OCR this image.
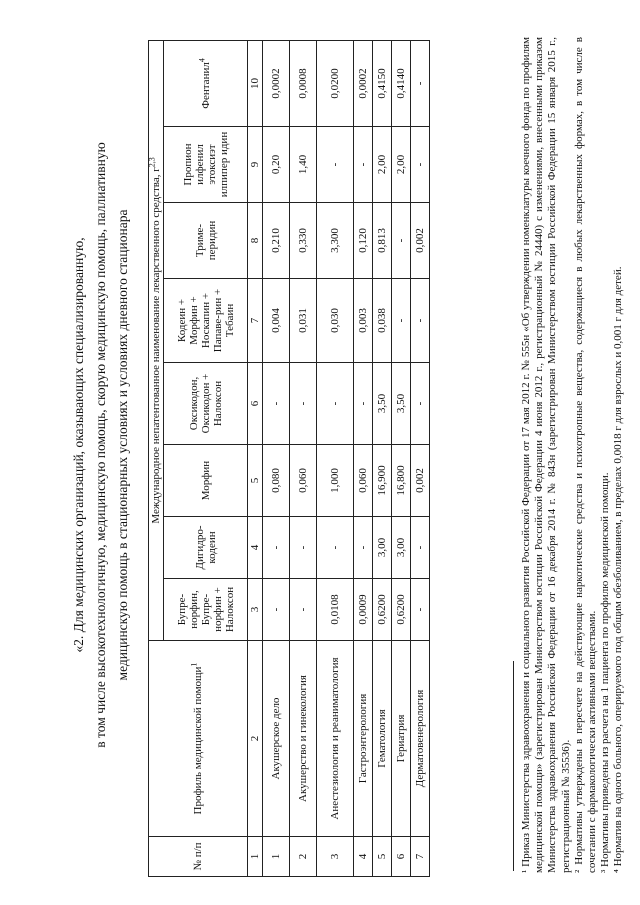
«2. Для медицинских организаций, оказывающих специализированную, в том числе высокотехнологичную, медицинскую помощь, скорую медицинскую помощь, паллиативную медицинскую помощь в стационарных условиях и условиях дневного стационара
№ п/п	Профиль медицинской помощи$^1$	Международное непатентованное наименование лекарственного средства, $г^{2,3}$
		Бупре-норфин, Бупре-норфин + Налоксон	Дигидро-кодеин	Морфин	Оксикодон, Оксикодон + Налоксон	Кодеин + Морфин + Носкапин + Папаве-рин + Тебаин	Триме-перидин	Пропион илфенил этоксиэт илпипер идин	Фентанил$^4$
1	2	3	4	5	6	7	8	9	10
1	Акушерское дело	-	-	0,080	-	0,004	0,210	0,20	0,0002
2	Акушерство и гинекология	-	-	0,060	-	0,031	0,330	1,40	0,0008
3	Анестезиология и реаниматология	0,0108	-	1,000	-	0,030	3,300	-	0,0200
4	Гастроэнтерология	0,0009	-	0,060	-	0,003	0,120	-	0,0002
5	Гематология	0,6200	3,00	16,900	3,50	0,038	0,813	2,00	0,4150
6	Гериатрия	0,6200	3,00	16,800	3,50	-	-	2,00	0,4140
7	Дерматовенерология	-	-	0,002	-	-	0,002	-	-	¹ Приказ Министерства здравоохранения и социального развития Российской Федерации от 17 мая 2012 г. № 555н «Об утверждении номенклатуры коечного фонда по профилям медицинской помощи» (зарегистрирован Министерством юстиции Российской Федерации 4 июня 2012 г., регистрационный № 24440) с изменениями, внесенными приказом Министерства здравоохранения Российской Федерации от 16 декабря 2014 г. № 843н (зарегистрирован Министерством юстиции Российской Федерации 15 января 2015 г., регистрационный № 35536). ² Нормативы утверждены в пересчете на действующие наркотические средства и психотропные вещества, содержащиеся в любых лекарственных формах, в том числе в сочетании с фармакологически активными веществами. ³ Нормативы приведены из расчета на 1 пациента по профилю медицинской помощи. ⁴ Норматив на одного больного, оперируемого под общим обезболиванием, в пределах 0,0018 г для взрослых и 0,001 г для детей.
